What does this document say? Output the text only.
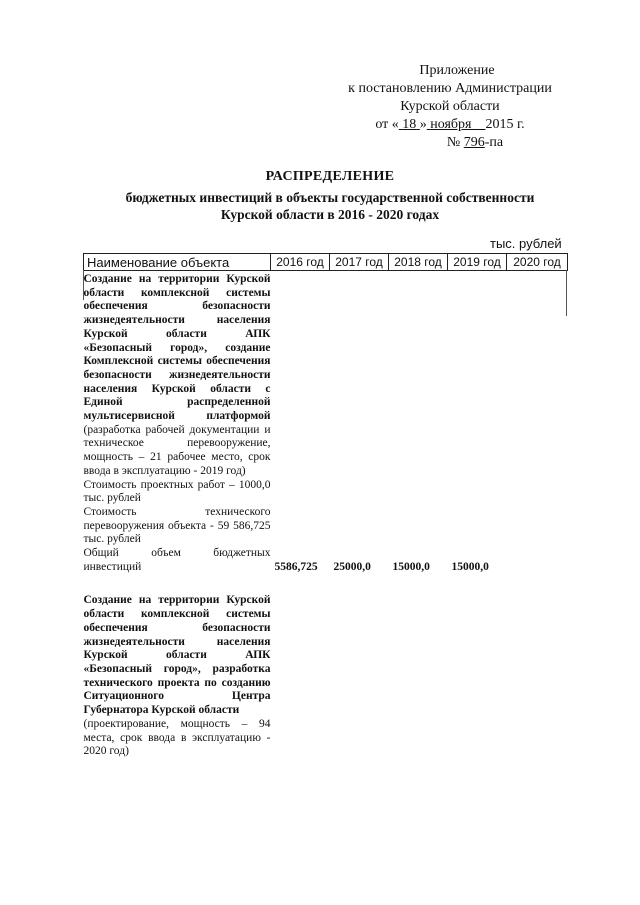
Приложение
к постановлению Администрации
Курской области
от « 18 » ноября 2015 г.
№ 796-па
РАСПРЕДЕЛЕНИЕ
бюджетных инвестиций в объекты государственной собственности
Курской области в 2016 - 2020 годах
тыс. рублей
Наименование объекта	2016 год	2017 год	2018 год	2019 год	2020 год

Создание на территории Курской области комплексной системы обеспечения безопасности жизнедеятельности населения Курской области АПК «Безопасный город», создание Комплексной системы обеспечения безопасности жизнедеятельности населения Курской области с Единой распределенной мультисервисной платформой (разработка рабочей документации и техническое перевооружение, мощность – 21 рабочее место, срок ввода в эксплуатацию - 2019 год)
Стоимость проектных работ – 1000,0 тыс. рублей
Стоимость технического перевооружения объекта - 59 586,725 тыс. рублей
Общий объем бюджетных инвестиций	5586,725	25000,0	15000,0	15000,0	

Создание на территории Курской области комплексной системы обеспечения безопасности жизнедеятельности населения Курской области АПК «Безопасный город», разработка технического проекта по созданию Ситуационного Центра Губернатора Курской области
(проектирование, мощность – 94 места, срок ввода в эксплуатацию - 2020 год)					
